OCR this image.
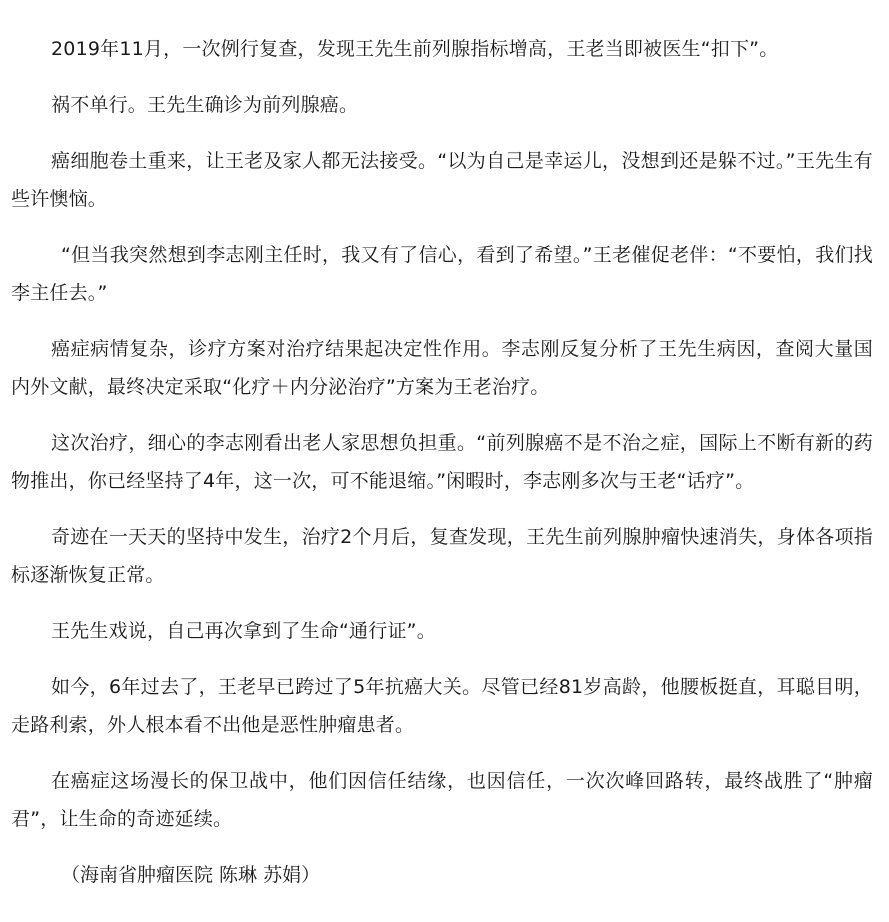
2019年11月，一次例行复查，发现王先生前列腺指标增高，王老当即被医生“扣下”。

祸不单行。王先生确诊为前列腺癌。

癌细胞卷土重来，让王老及家人都无法接受。“以为自己是幸运儿，没想到还是躲不过。”王先生有些许懊恼。

“但当我突然想到李志刚主任时，我又有了信心，看到了希望。”王老催促老伴：“不要怕，我们找李主任去。”

癌症病情复杂，诊疗方案对治疗结果起决定性作用。李志刚反复分析了王先生病因，查阅大量国内外文献，最终决定采取“化疗＋内分泌治疗”方案为王老治疗。

这次治疗，细心的李志刚看出老人家思想负担重。“前列腺癌不是不治之症，国际上不断有新的药物推出，你已经坚持了4年，这一次，可不能退缩。”闲暇时，李志刚多次与王老“话疗”。

奇迹在一天天的坚持中发生，治疗2个月后，复查发现，王先生前列腺肿瘤快速消失，身体各项指标逐渐恢复正常。

王先生戏说，自己再次拿到了生命“通行证”。

如今，6年过去了，王老早已跨过了5年抗癌大关。尽管已经81岁高龄，他腰板挺直，耳聪目明，走路利索，外人根本看不出他是恶性肿瘤患者。

在癌症这场漫长的保卫战中，他们因信任结缘，也因信任，一次次峰回路转，最终战胜了“肿瘤君”，让生命的奇迹延续。

（海南省肿瘤医院 陈琳 苏娟）
